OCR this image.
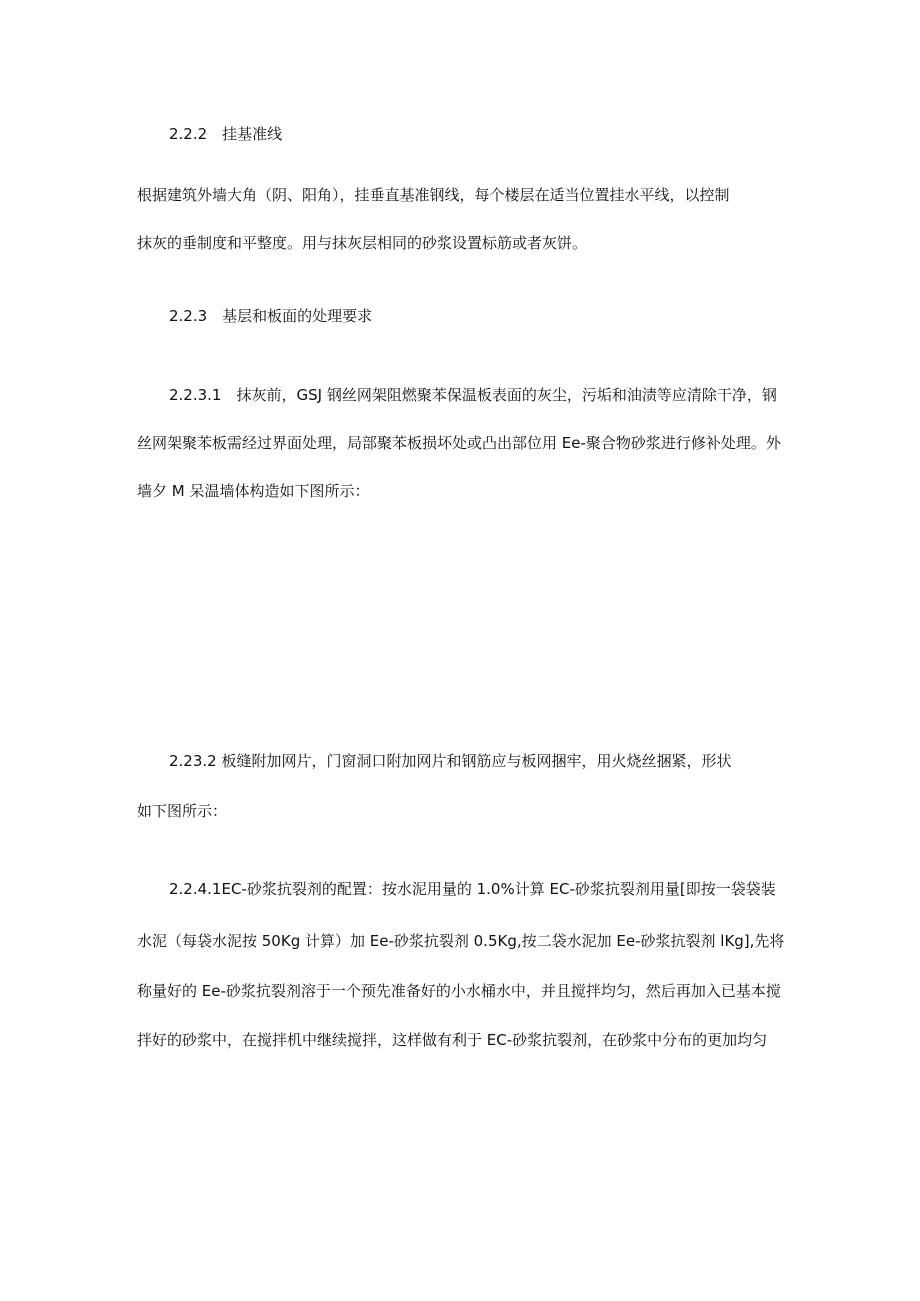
2.2.2　挂基准线
根据建筑外墙大角（阴、阳角），挂垂直基准钢线，每个楼层在适当位置挂水平线，以控制
抹灰的垂制度和平整度。用与抹灰层相同的砂浆设置标筋或者灰饼。
2.2.3　基层和板面的处理要求
2.2.3.1　抹灰前，GSJ 钢丝网架阻燃聚苯保温板表面的灰尘，污垢和油渍等应清除干净，钢
丝网架聚苯板需经过界面处理，局部聚苯板损坏处或凸出部位用 Ee-聚合物砂浆进行修补处理。外
墙夕 M 呆温墙体构造如下图所示：
2.23.2 板缝附加网片，门窗洞口附加网片和钢筋应与板网捆牢，用火烧丝捆紧，形状
如下图所示：
2.2.4.1EC-砂浆抗裂剂的配置：按水泥用量的 1.0%计算 EC-砂浆抗裂剂用量[即按一袋袋装
水泥（每袋水泥按 50Kg 计算）加 Ee-砂浆抗裂剂 0.5Kg,按二袋水泥加 Ee-砂浆抗裂剂 lKg],先将
称量好的 Ee-砂浆抗裂剂溶于一个预先准备好的小水桶水中，并且搅拌均匀，然后再加入已基本搅
拌好的砂浆中，在搅拌机中继续搅拌，这样做有利于 EC-砂浆抗裂剂，在砂浆中分布的更加均匀
